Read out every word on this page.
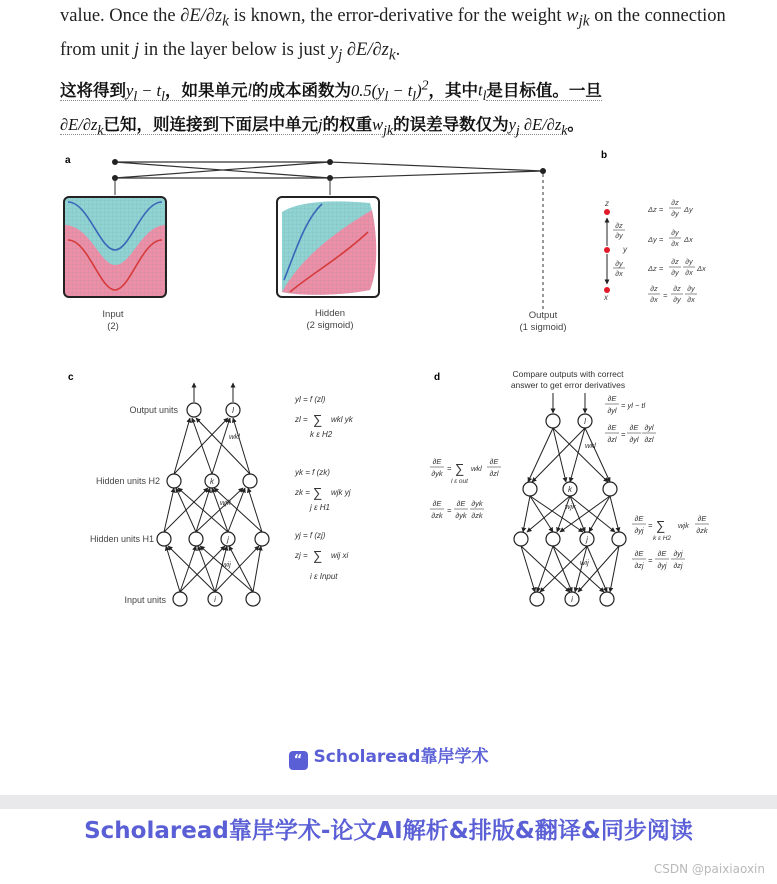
value. Once the $\partial E/\partial z_k$ is known, the error-derivative for the weight $w_{jk}$ on the connection from unit j in the layer below is just $y_j$ $\partial E/\partial z_k$.
这将得到$y_l - t_l$，如果单元l的成本函数为$0.5(y_l - t_l)^2$，其中$t_l$是目标值。一旦
$\partial E/\partial z_k$已知，则连接到下面层中单元j的权重$w_{jk}$的误差导数仅为$y_j$ $\partial E/\partial z_k$。
a
Input
(2)
Hidden
(2 sigmoid)
Output
(1 sigmoid)
b
z
y
x
∂z
∂y
∂y
∂x
Δz =
∂z
∂y Δy
Δy =
∂y
∂x Δx
Δz =
∂z
∂y
∂y
∂x Δx
∂z
∂x =
∂z
∂y
∂y
∂x
c
l
k
j
i
wkl
wjk
wij
Output units
Hidden units H2
Hidden units H1
Input units
yl = f (zl)
zl = ∑ wkl yk
k ε H2
yk = f (zk)
zk = ∑ wjk yj
j ε H1
yj = f (zj)
zj = ∑ wij xi
i ε Input
d	Compare outputs with correct
answer to get error derivatives
l
k
j
i
wkl
wjk
wij
∂E
∂yl
= yl − tl
∂E
∂zl
=
∂E
∂yl
∂yl
∂zl
∂E
∂yk
= ∑
l ε out
wkl
∂E
∂zl
∂E
∂zk
=
∂E
∂yk
∂yk
∂zk	∂E
∂yj
= ∑
k ε H2
wjk
∂E
∂zk
∂E
∂zj
=
∂E
∂yj
∂yj
∂zj
“ Scholaread靠岸学术
Scholaread靠岸学术-论文AI解析&排版&翻译&同步阅读
CSDN @paixiaoxin
